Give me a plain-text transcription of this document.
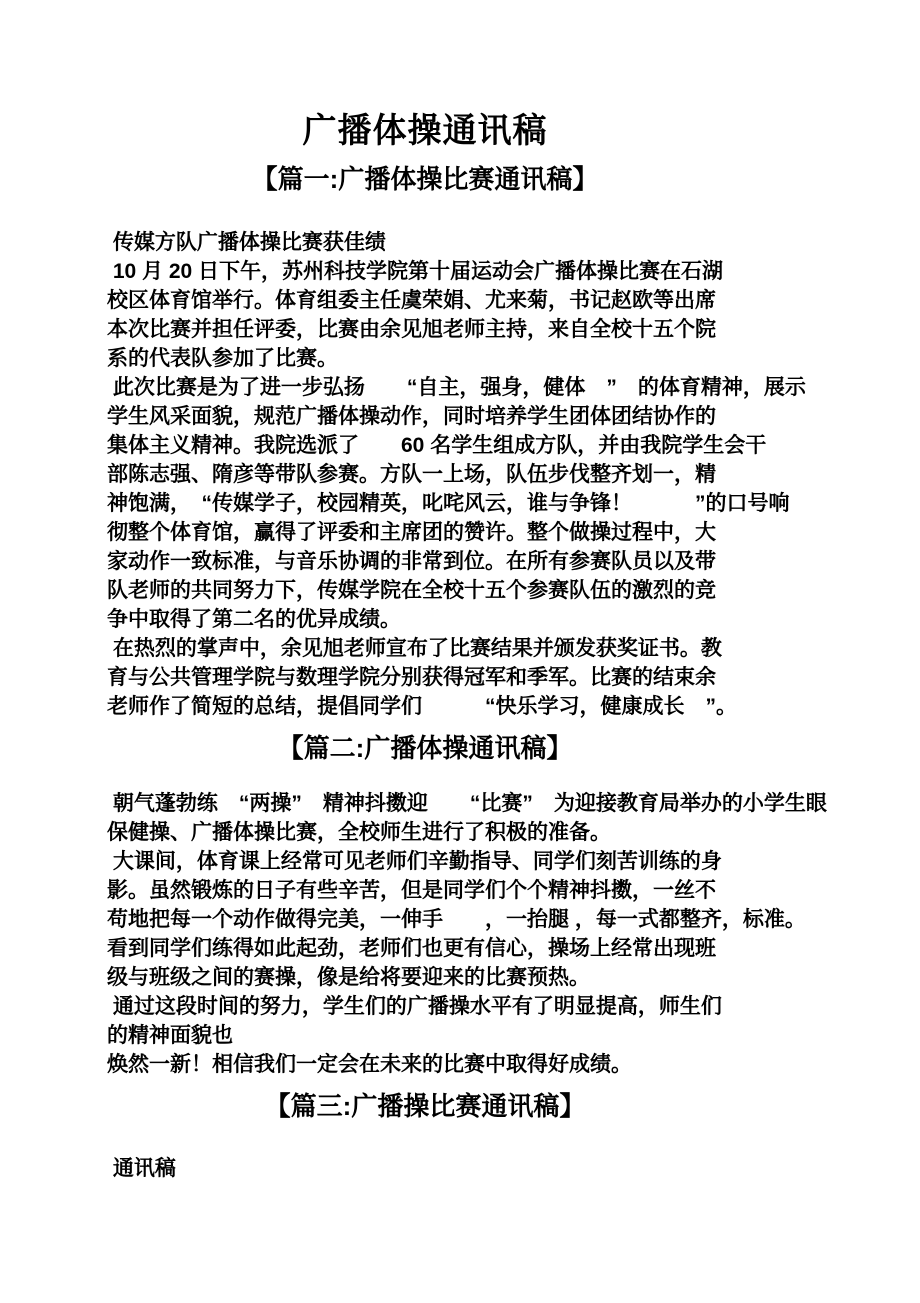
广播体操通讯稿
【篇一:广播体操比赛通讯稿】
传媒方队广播体操比赛获佳绩
10 月 20 日下午，苏州科技学院第十届运动会广播体操比赛在石湖
校区体育馆举行。体育组委主任虞荣娟、尤来菊，书记赵欧等出席
本次比赛并担任评委，比赛由余见旭老师主持，来自全校十五个院
系的代表队参加了比赛。
此次比赛是为了进一步弘扬　　“自主，强身，健体　”　的体育精神，展示
学生风采面貌，规范广播体操动作，同时培养学生团体团结协作的
集体主义精神。我院选派了　　60 名学生组成方队，并由我院学生会干
部陈志强、隋彦等带队参赛。方队一上场，队伍步伐整齐划一，精
神饱满，　“传媒学子，校园精英，叱咤风云，谁与争锋！　　　”的口号响
彻整个体育馆，赢得了评委和主席团的赞许。整个做操过程中，大
家动作一致标准，与音乐协调的非常到位。在所有参赛队员以及带
队老师的共同努力下，传媒学院在全校十五个参赛队伍的激烈的竞
争中取得了第二名的优异成绩。
在热烈的掌声中，余见旭老师宣布了比赛结果并颁发获奖证书。教
育与公共管理学院与数理学院分别获得冠军和季军。比赛的结束余
老师作了简短的总结，提倡同学们　　　“快乐学习，健康成长　”。
【篇二:广播体操通讯稿】
朝气蓬勃练　“两操”　精神抖擞迎　　“比赛”　为迎接教育局举办的小学生眼
保健操、广播体操比赛，全校师生进行了积极的准备。
大课间，体育课上经常可见老师们辛勤指导、同学们刻苦训练的身
影。虽然锻炼的日子有些辛苦，但是同学们个个精神抖擞，一丝不
苟地把每一个动作做得完美，一伸手　　，一抬腿 ，每一式都整齐，标准。
看到同学们练得如此起劲，老师们也更有信心，操场上经常出现班
级与班级之间的赛操，像是给将要迎来的比赛预热。
通过这段时间的努力，学生们的广播操水平有了明显提高，师生们
的精神面貌也
焕然一新！相信我们一定会在未来的比赛中取得好成绩。
【篇三:广播操比赛通讯稿】
通讯稿
